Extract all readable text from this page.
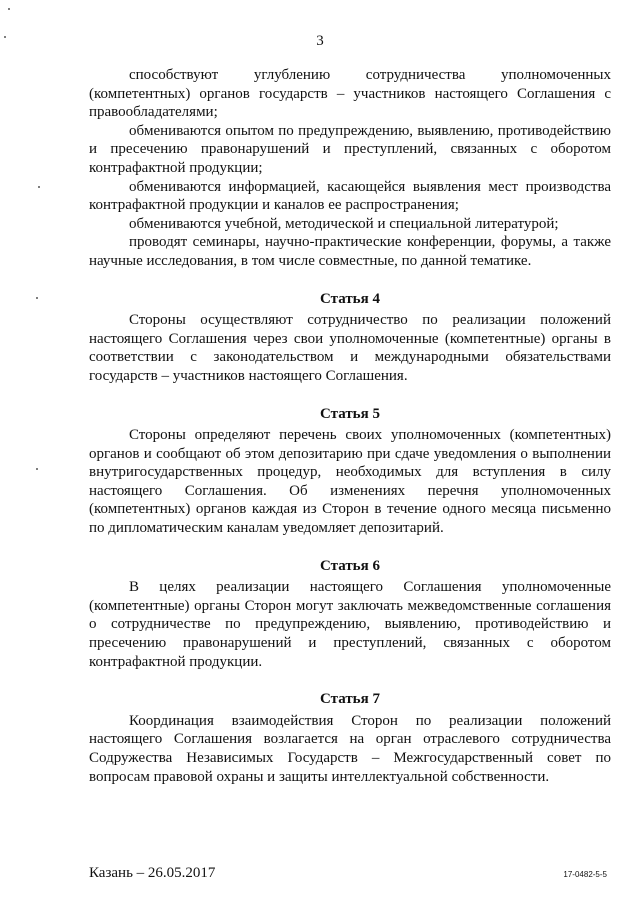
3

способствуют углублению сотрудничества уполномоченных (компетентных) органов государств – участников настоящего Соглашения с правообладателями;

обмениваются опытом по предупреждению, выявлению, противодействию и пресечению правонарушений и преступлений, связанных с оборотом контрафактной продукции;

обмениваются информацией, касающейся выявления мест производства контрафактной продукции и каналов ее распространения;

обмениваются учебной, методической и специальной литературой;

проводят семинары, научно-практические конференции, форумы, а также научные исследования, в том числе совместные, по данной тематике.

Статья 4

Стороны осуществляют сотрудничество по реализации положений настоящего Соглашения через свои уполномоченные (компетентные) органы в соответствии с законодательством и международными обязательствами государств – участников настоящего Соглашения.

Статья 5

Стороны определяют перечень своих уполномоченных (компетентных) органов и сообщают об этом депозитарию при сдаче уведомления о выполнении внутригосударственных процедур, необходимых для вступления в силу настоящего Соглашения. Об изменениях перечня уполномоченных (компетентных) органов каждая из Сторон в течение одного месяца письменно по дипломатическим каналам уведомляет депозитарий.

Статья 6

В целях реализации настоящего Соглашения уполномоченные (компетентные) органы Сторон могут заключать межведомственные соглашения о сотрудничестве по предупреждению, выявлению, противодействию и пресечению правонарушений и преступлений, связанных с оборотом контрафактной продукции.

Статья 7

Координация взаимодействия Сторон по реализации положений настоящего Соглашения возлагается на орган отраслевого сотрудничества Содружества Независимых Государств – Межгосударственный совет по вопросам правовой охраны и защиты интеллектуальной собственности.

Казань – 26.05.2017	17-0482-5-5
